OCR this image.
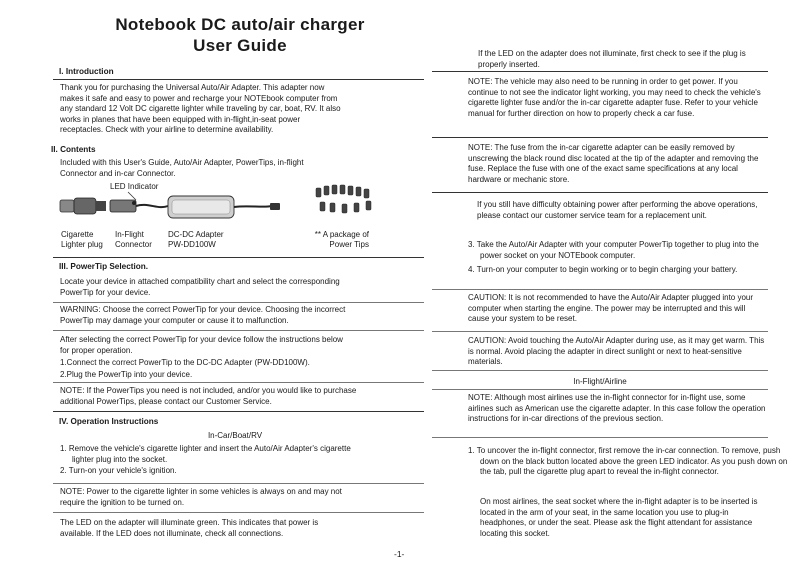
Notebook DC auto/air charger
User Guide
I. Introduction
Thank you for purchasing the Universal Auto/Air Adapter. This adapter now makes it safe and easy to power and recharge your NOTEbook computer from any standard 12 Volt DC cigarette lighter while traveling by car, boat, RV. It also works in planes that have been equipped with in-flight,in-seat power receptacles. Check with your airline to determine availability.
II. Contents
Included with this User's Guide, Auto/Air Adapter, PowerTips, in-flight Connector and in-car Connector.
LED Indicator
Cigarette
Lighter plug
In-Flight
Connector
DC-DC Adapter
PW-DD100W
** A package of
Power Tips
III. PowerTip Selection.
Locate your device in attached compatibility chart and select the corresponding PowerTip for your device.
WARNING: Choose the correct PowerTip for your device. Choosing the incorrect PowerTip may damage your computer or cause it to malfunction.
After selecting the correct PowerTip for your device follow the instructions below for proper operation.
1.Connect the correct PowerTip to the DC-DC Adapter (PW-DD100W).
2.Plug the PowerTip into your device.
NOTE: If the PowerTips you need is not included, and/or you would like to purchase additional PowerTips, please contact our Customer Service.
IV. Operation Instructions
In-Car/Boat/RV
1. Remove the vehicle's cigarette lighter and insert the Auto/Air Adapter's cigarette lighter plug into the socket.
2. Turn-on your vehicle's ignition.
NOTE: Power to the cigarette lighter in some vehicles is always on and may not require the ignition to be turned on.
The LED on the adapter will illuminate green. This indicates that power is available. If the LED does not illuminate, check all connections.
If the LED on the adapter does not illuminate, first check to see if the plug is properly inserted.
NOTE: The vehicle may also need to be running in order to get power. If you continue to not see the indicator light working, you may need to check the vehicle's cigarette lighter fuse and/or the in-car cigarette adapter fuse. Refer to your vehicle manual for further direction on how to properly check a car fuse.
NOTE: The fuse from the in-car cigarette adapter can be easily removed by unscrewing the black round disc located at the tip of the adapter and removing the fuse. Replace the fuse with one of the exact same specifications at any local hardware or mechanic store.
If you still have difficulty obtaining power after performing the above operations, please contact our customer service team for a replacement unit.
3. Take the Auto/Air Adapter with your computer PowerTip together to plug into the power socket on your NOTEbook computer.
4. Turn-on your computer to begin working or to begin charging your battery.
CAUTION: It is not recommended to have the Auto/Air Adapter plugged into your computer when starting the engine. The power may be interrupted and this will cause your system to be reset.
CAUTION: Avoid touching the Auto/Air Adapter during use, as it may get warm. This is normal. Avoid placing the adapter in direct sunlight or next to heat-sensitive materials.
In-Flight/Airline
NOTE: Although most airlines use the in-flight connector for in-flight use, some airlines such as American use the cigarette adapter. In this case follow the operation instructions for in-car directions of the previous section.
1. To uncover the in-flight connector, first remove the in-car connection. To remove, push down on the black button located above the green LED indicator. As you push down on the tab, pull the cigarette plug apart to reveal the in-flight connector.
On most airlines, the seat socket where the in-flight adapter is to be inserted is located in the arm of your seat, in the same location you use to plug-in headphones, or under the seat. Please ask the flight attendant for assistance locating this socket.
-1-
